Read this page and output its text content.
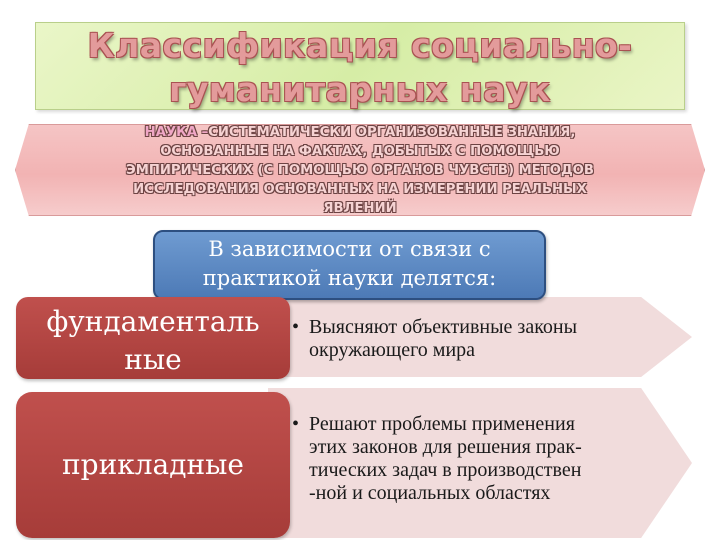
Классификация социально-
гуманитарных наук
НАУКА –СИСТЕМАТИЧЕСКИ ОРГАНИЗОВАННЫЕ ЗНАНИЯ,
ОСНОВАННЫЕ НА ФАКТАХ, ДОБЫТЫХ С ПОМОЩЬЮ
ЭМПИРИЧЕСКИХ (С ПОМОЩЬЮ ОРГАНОВ ЧУВСТВ) МЕТОДОВ
ИССЛЕДОВАНИЯ ОСНОВАННЫХ НА ИЗМЕРЕНИИ РЕАЛЬНЫХ
ЯВЛЕНИЙ
В зависимости от связи с
практикой науки делятся:
фундаменталь
ные
• Выясняют объективные законы
окружающего мира
прикладные
• Решают проблемы применения
этих законов для решения прак-
тических задач в производствен
-ной и социальных областях
